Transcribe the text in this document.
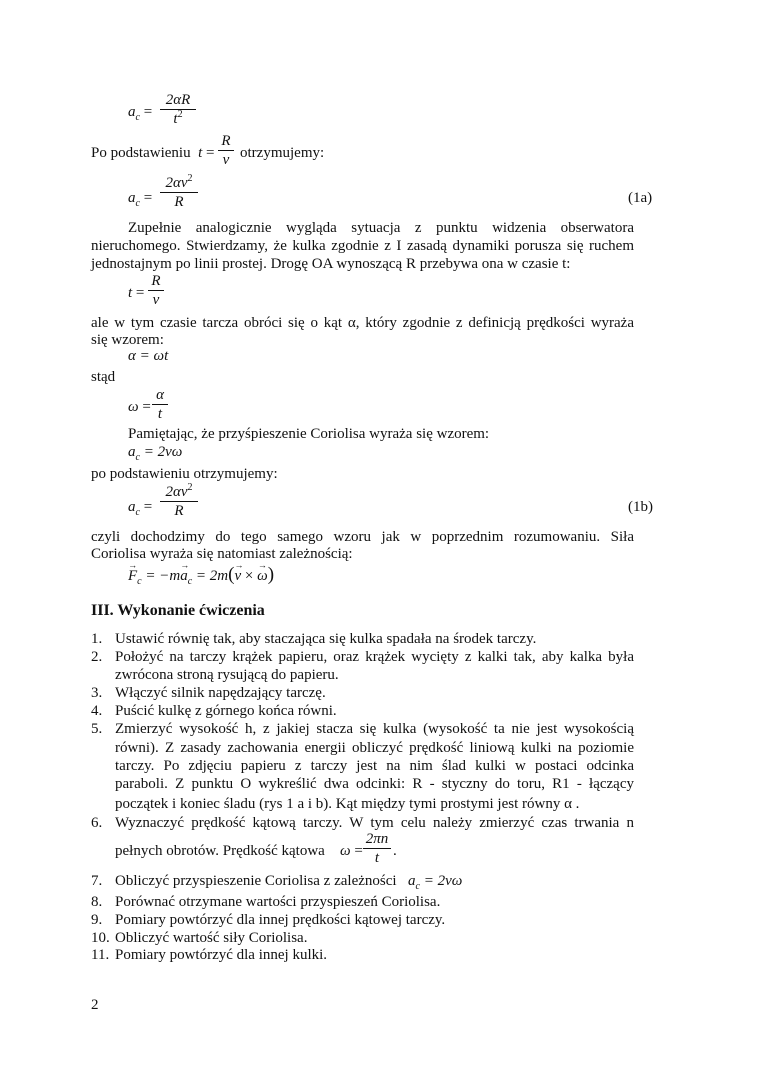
$a_c$ =
2αR
$t^2$
Po podstawieniu t =
R
v otrzymujemy:
$a_c$ =
$2\alpha v^2$
R	(1a)
Zupełnie analogicznie wygląda sytuacja z punktu widzenia obserwatora
nieruchomego. Stwierdzamy, że kulka zgodnie z I zasadą dynamiki porusza się ruchem
jednostajnym po linii prostej. Drogę OA wynoszącą R przebywa ona w czasie t:
t =
R
v
ale w tym czasie tarcza obróci się o kąt α, który zgodnie z definicją prędkości wyraża
się wzorem:
α = ωt
stąd
ω =
α
t
Pamiętając, że przyśpieszenie Coriolisa wyraża się wzorem:
$a_c = 2v\omega$
po podstawieniu otrzymujemy:
$a_c$ =
$2\alpha v^2$
R	(1b)
czyli dochodzimy do tego samego wzoru jak w poprzednim rozumowaniu. Siła
Coriolisa wyraża się natomiast zależnością:
→ $F_c = -m\to a_c = 2m(\to v$ × → ω)
III. Wykonanie ćwiczenia
1. Ustawić równię tak, aby staczająca się kulka spadała na środek tarczy.
2. Położyć na tarczy krążek papieru, oraz krążek wycięty z kalki tak, aby kalka była
zwrócona stroną rysującą do papieru.
3. Włączyć silnik napędzający tarczę.
4. Puścić kulkę z górnego końca równi.
5. Zmierzyć wysokość h, z jakiej stacza się kulka (wysokość ta nie jest wysokością
równi). Z zasady zachowania energii obliczyć prędkość liniową kulki na poziomie
tarczy. Po zdjęciu papieru z tarczy jest na nim ślad kulki w postaci odcinka
paraboli. Z punktu O wykreślić dwa odcinki: R - styczny do toru, R1 - łączący
początek i koniec śladu (rys 1 a i b). Kąt między tymi prostymi jest równy α .
6. Wyznaczyć prędkość kątową tarczy. W tym celu należy zmierzyć czas trwania n
pełnych obrotów. Prędkość kątowa
7. Obliczyć przyspieszenie Coriolisa z zależności
8. Porównać otrzymane wartości przyspieszeń Coriolisa.
9. Pomiary powtórzyć dla innej prędkości kątowej tarczy.
10. Obliczyć wartość siły Coriolisa.
11. Pomiary powtórzyć dla innej kulki.
ω =
2πn
t .
$a_c = 2v\omega$
2
